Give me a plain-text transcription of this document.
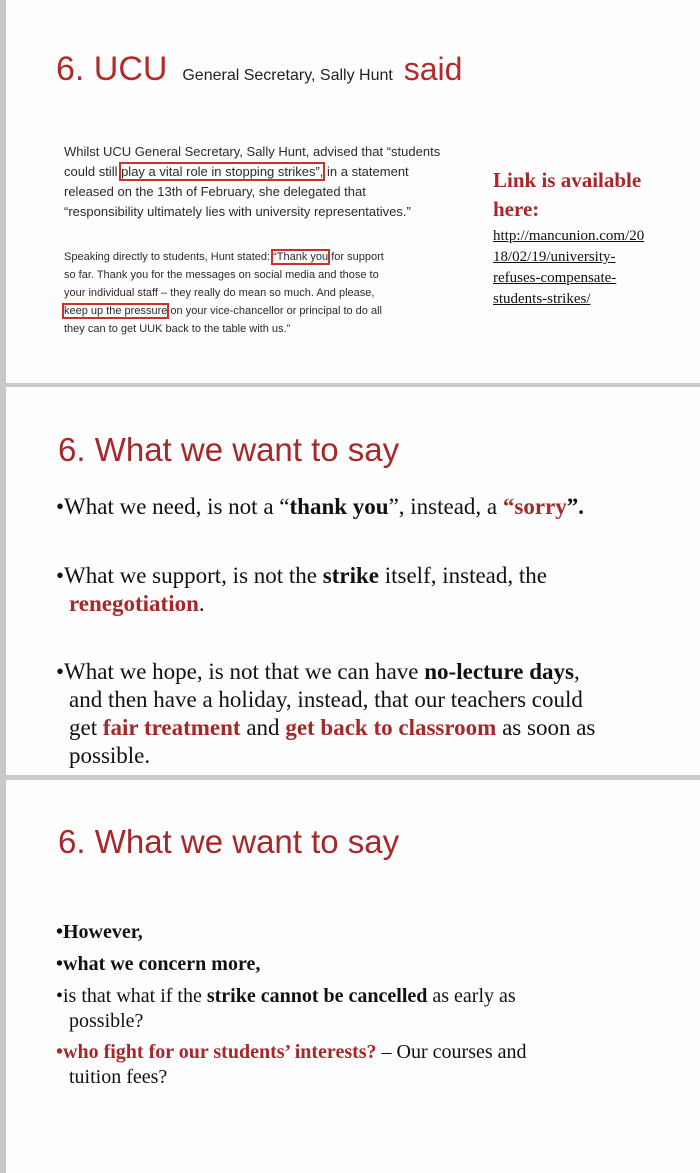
6. UCU General Secretary, Sally Hunt said
Whilst UCU General Secretary, Sally Hunt, advised that “students
could still play a vital role in stopping strikes”, in a statement
released on the 13th of February, she delegated that
“responsibility ultimately lies with university representatives.”
Speaking directly to students, Hunt stated: “Thank you for support
so far. Thank you for the messages on social media and those to
your individual staff – they really do mean so much. And please,
keep up the pressure on your vice-chancellor or principal to do all
they can to get UUK back to the table with us.”
Link is available
here:
http://mancunion.com/20
18/02/19/university-
refuses-compensate-
students-strikes/
6. What we want to say
•What we need, is not a “thank you”, instead, a “sorry”.
•What we support, is not the strike itself, instead, the
renegotiation.
•What we hope, is not that we can have no-lecture days,
and then have a holiday, instead, that our teachers could
get fair treatment and get back to classroom as soon as
possible.
6. What we want to say
•However,
•what we concern more,
•is that what if the strike cannot be cancelled as early as
possible?
•who fight for our students’ interests? – Our courses and
tuition fees?
